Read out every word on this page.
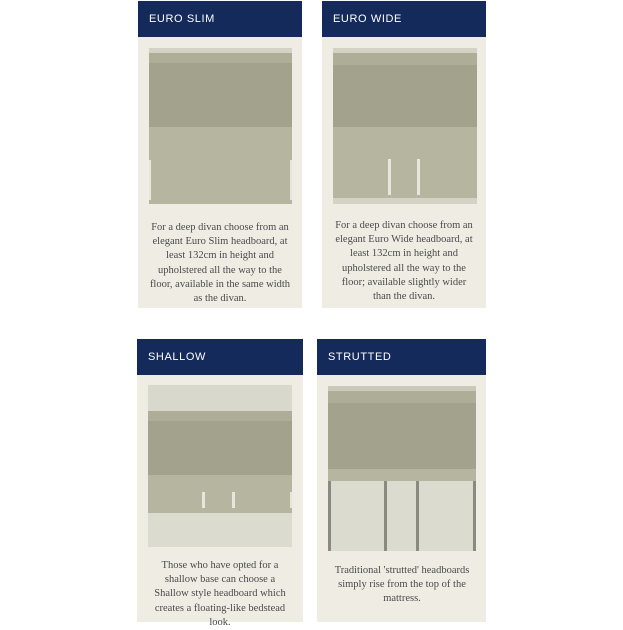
EURO SLIM
For a deep divan choose from an elegant Euro Slim headboard, at least 132cm in height and upholstered all the way to the floor, available in the same width as the divan.
EURO WIDE
For a deep divan choose from an elegant Euro Wide headboard, at least 132cm in height and upholstered all the way to the floor; available slightly wider than the divan.
SHALLOW
Those who have opted for a shallow base can choose a Shallow style headboard which creates a floating-like bedstead look.
STRUTTED
Traditional 'strutted' headboards simply rise from the top of the mattress.
